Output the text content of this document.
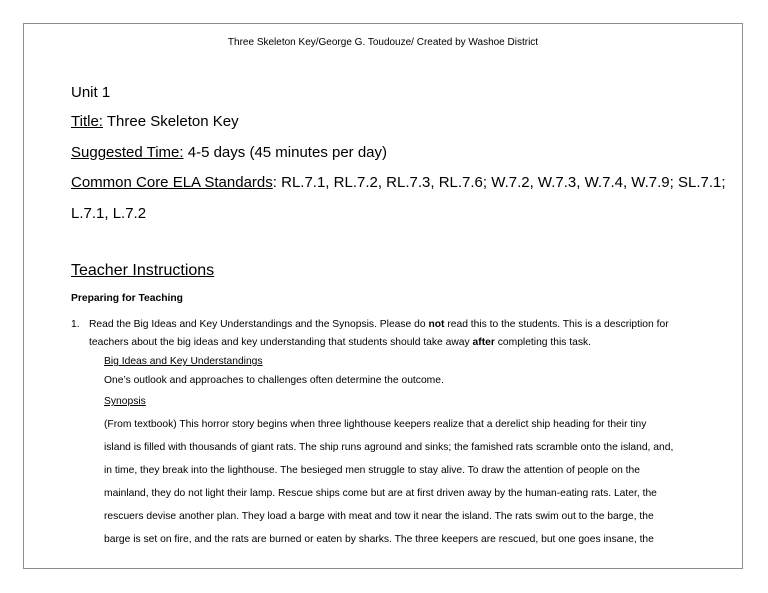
Three Skeleton Key/George G. Toudouze/ Created by Washoe District
Unit 1
Title: Three Skeleton Key
Suggested Time: 4-5 days (45 minutes per day)
Common Core ELA Standards: RL.7.1, RL.7.2, RL.7.3, RL.7.6; W.7.2, W.7.3, W.7.4, W.7.9; SL.7.1;
L.7.1, L.7.2
Teacher Instructions
Preparing for Teaching
1. Read the Big Ideas and Key Understandings and the Synopsis. Please do not read this to the students. This is a description for
teachers about the big ideas and key understanding that students should take away after completing this task.
Big Ideas and Key Understandings
One’s outlook and approaches to challenges often determine the outcome.
Synopsis
(From textbook) This horror story begins when three lighthouse keepers realize that a derelict ship heading for their tiny
island is filled with thousands of giant rats. The ship runs aground and sinks; the famished rats scramble onto the island, and,
in time, they break into the lighthouse. The besieged men struggle to stay alive. To draw the attention of people on the
mainland, they do not light their lamp. Rescue ships come but are at first driven away by the human-eating rats. Later, the
rescuers devise another plan. They load a barge with meat and tow it near the island. The rats swim out to the barge, the
barge is set on fire, and the rats are burned or eaten by sharks. The three keepers are rescued, but one goes insane, the
